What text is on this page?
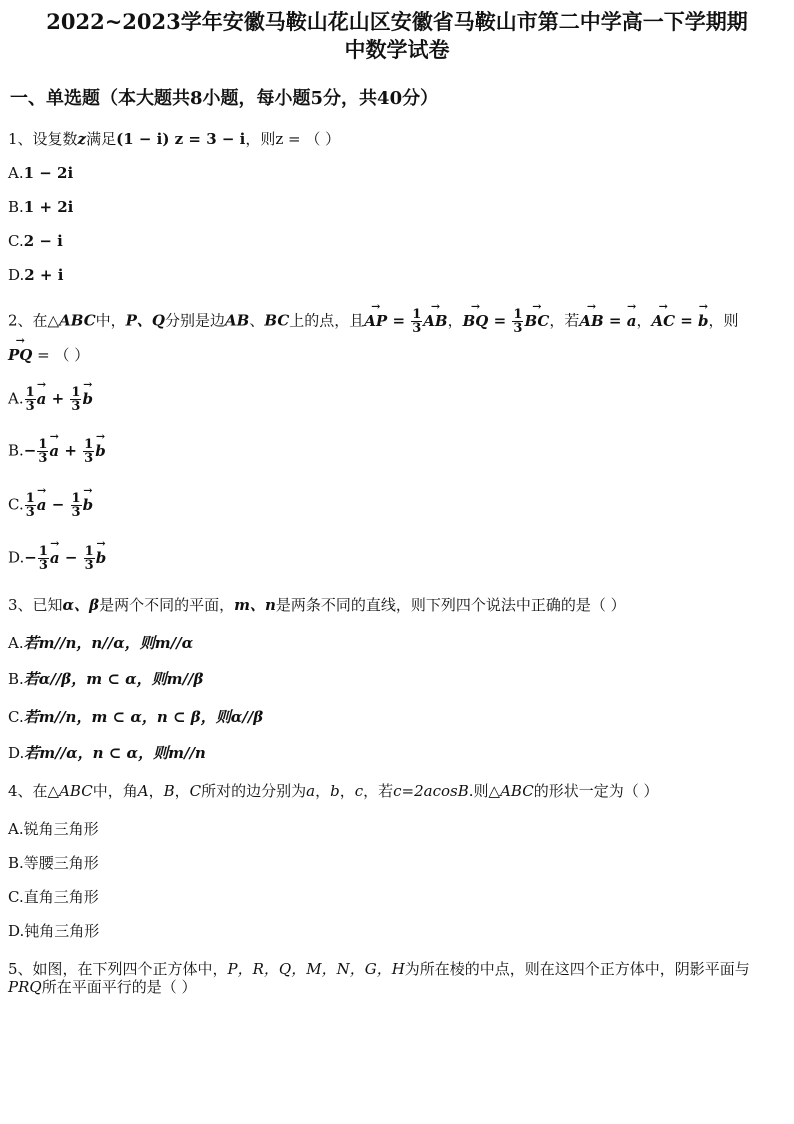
2022~2023学年安徽马鞍山花山区安徽省马鞍山市第二中学高一下学期期
中数学试卷
一、单选题（本大题共8小题，每小题5分，共40分）
1、设复数z满足(1 − i) z = 3 − i，则z = （ ）
A.1 − 2i
B.1 + 2i
C.2 − i
D.2 + i
2、在△ABC中，P、Q分别是边AB、BC上的点，且→ AP = $\frac{1}{3}$
→ AB，→ BQ = $\frac{1}{3}$
→ BC，若→ AB = → a，→ AC = → b，则
→ PQ = （ ）
A. $\frac{1}{3}$
→ $a + \frac{1}{3}$
→ b
$B.- \frac{1}{3}$
→ $a + \frac{1}{3}$
→ b
C. $\frac{1}{3}$
→ $a - \frac{1}{3}$
→ b
$D.- \frac{1}{3}$
→ $a - \frac{1}{3}$
→ b
3、已知α、β是两个不同的平面，m、n是两条不同的直线，则下列四个说法中正确的是（ ）
A.若m//n，n//α，则m//α
B.若α//β，m ⊂ α，则m//β
C.若m//n，m ⊂ α，n ⊂ β，则α//β
D.若m//α，n ⊂ α，则m//n
4、在△ABC中，角A，B，C所对的边分别为a，b，c，若c=2acosB.则△ABC的形状一定为（ ）
A.锐角三角形
B.等腰三角形
C.直角三角形
D.钝角三角形
5、如图，在下列四个正方体中，P，R，Q，M，N，G，H为所在棱的中点，则在这四个正方体中，阴影平面与
PRQ所在平面平行的是（ ）
